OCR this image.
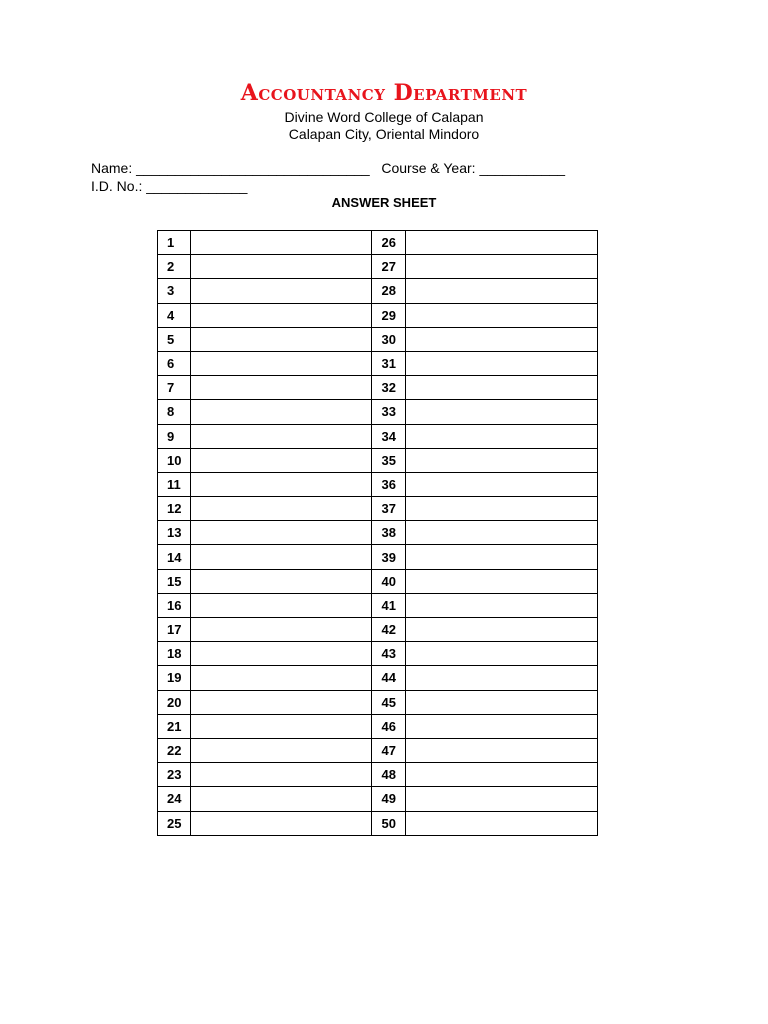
Accountancy Department
Divine Word College of Calapan
Calapan City, Oriental Mindoro
Name: ______________________________   Course & Year: ___________
I.D. No.: _____________
ANSWER SHEET
1		26	
2		27	
3		28	
4		29	
5		30	
6		31	
7		32	
8		33	
9		34	
10		35	
11		36	
12		37	
13		38	
14		39	
15		40	
16		41	
17		42	
18		43	
19		44	
20		45	
21		46	
22		47	
23		48	
24		49	
25		50	
